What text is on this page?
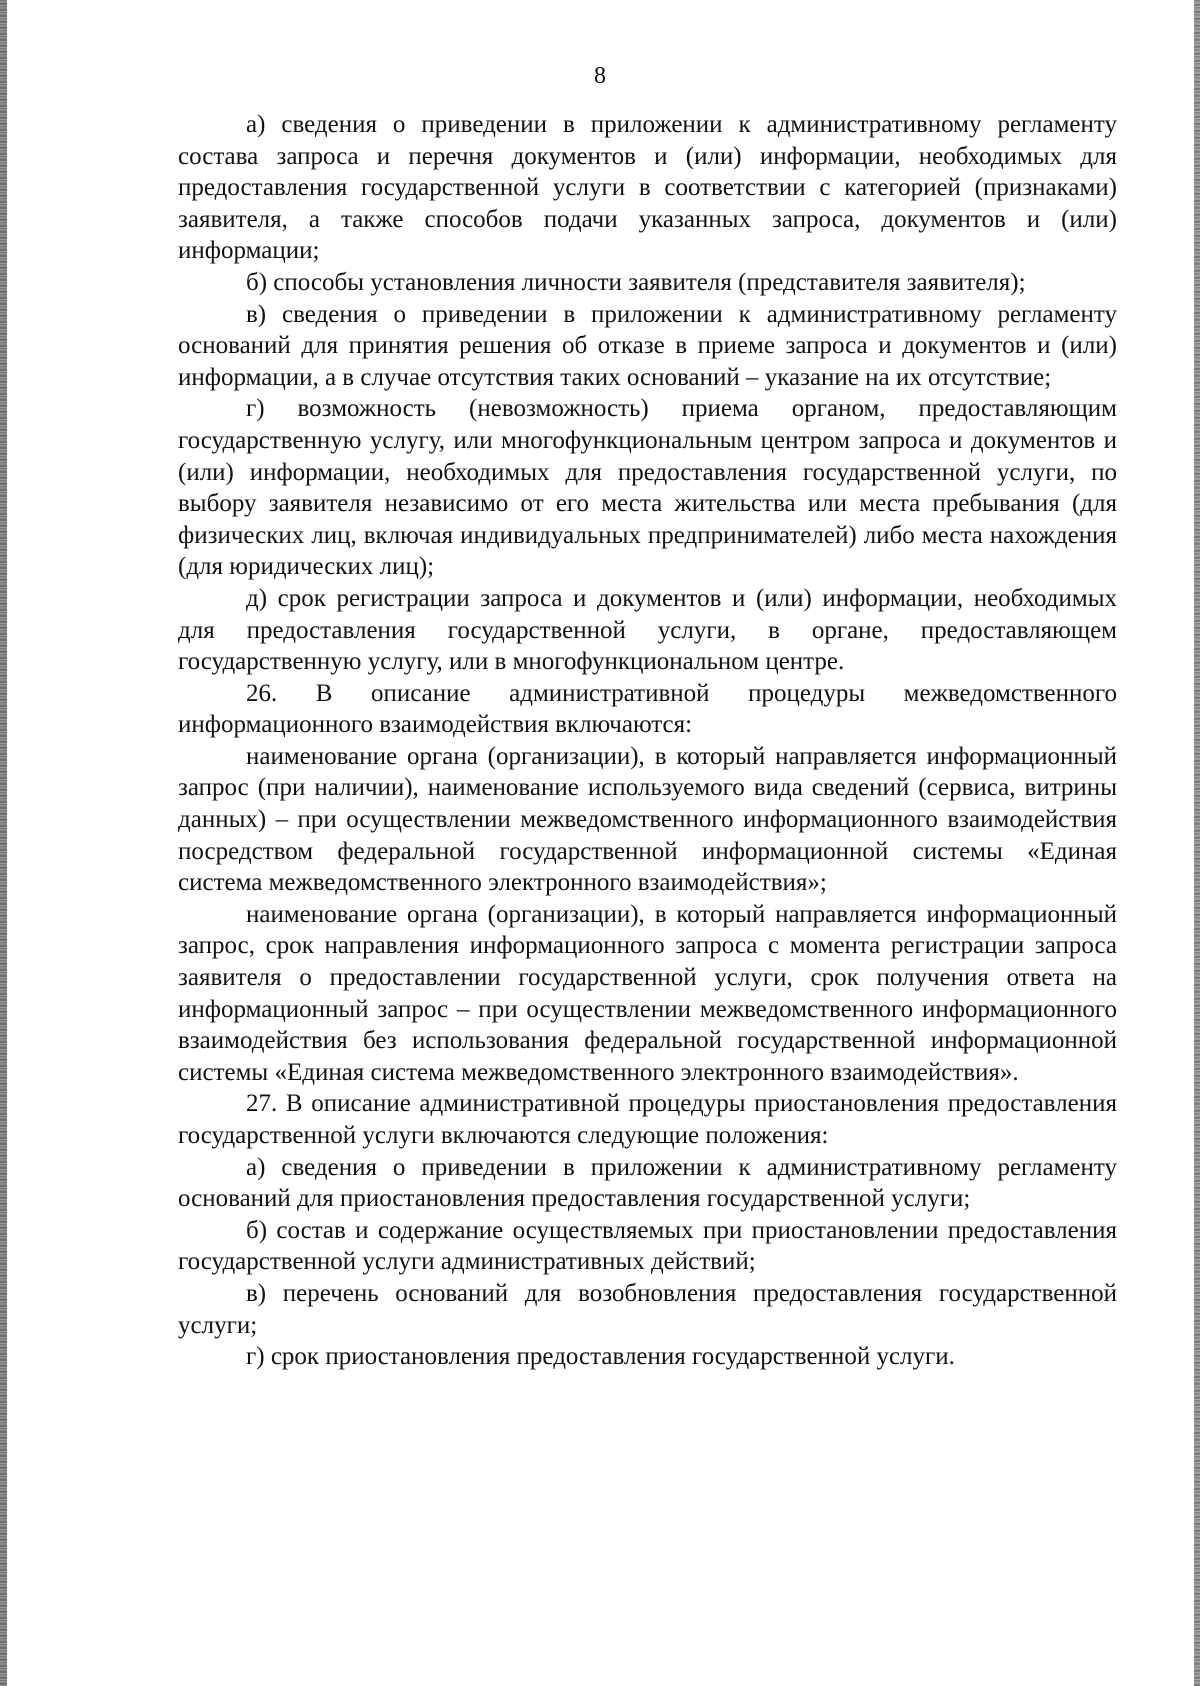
8

а) сведения о приведении в приложении к административному регламенту состава запроса и перечня документов и (или) информации, необходимых для предоставления государственной услуги в соответствии с категорией (признаками) заявителя, а также способов подачи указанных запроса, документов и (или) информации;

б) способы установления личности заявителя (представителя заявителя);

в) сведения о приведении в приложении к административному регламенту оснований для принятия решения об отказе в приеме запроса и документов и (или) информации, а в случае отсутствия таких оснований – указание на их отсутствие;

г) возможность (невозможность) приема органом, предоставляющим государственную услугу, или многофункциональным центром запроса и документов и (или) информации, необходимых для предоставления государственной услуги, по выбору заявителя независимо от его места жительства или места пребывания (для физических лиц, включая индивидуальных предпринимателей) либо места нахождения (для юридических лиц);

д) срок регистрации запроса и документов и (или) информации, необходимых для предоставления государственной услуги, в органе, предоставляющем государственную услугу, или в многофункциональном центре.

26. В описание административной процедуры межведомственного информационного взаимодействия включаются:

наименование органа (организации), в который направляется информационный запрос (при наличии), наименование используемого вида сведений (сервиса, витрины данных) – при осуществлении межведомственного информационного взаимодействия посредством федеральной государственной информационной системы «Единая система межведомственного электронного взаимодействия»;

наименование органа (организации), в который направляется информационный запрос, срок направления информационного запроса с момента регистрации запроса заявителя о предоставлении государственной услуги, срок получения ответа на информационный запрос – при осуществлении межведомственного информационного взаимодействия без использования федеральной государственной информационной системы «Единая система межведомственного электронного взаимодействия».

27. В описание административной процедуры приостановления предоставления государственной услуги включаются следующие положения:

а) сведения о приведении в приложении к административному регламенту оснований для приостановления предоставления государственной услуги;

б) состав и содержание осуществляемых при приостановлении предоставления государственной услуги административных действий;

в) перечень оснований для возобновления предоставления государственной услуги;

г) срок приостановления предоставления государственной услуги.
